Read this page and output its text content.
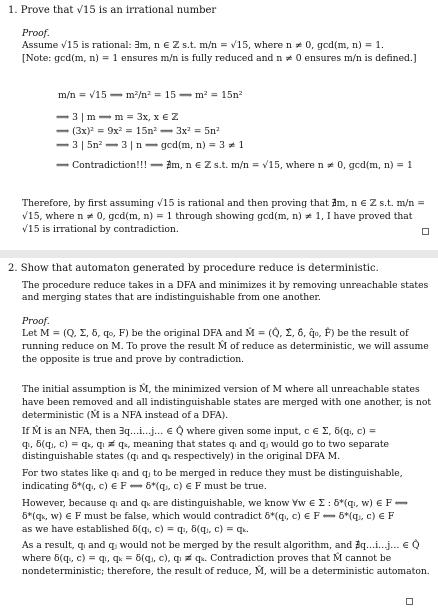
1. Prove that √15 is an irrational number
Proof.
Assume √15 is rational: ∃m, n ∈ ℤ s.t. m/n = √15, where n ≠ 0, gcd(m, n) = 1.
[Note: gcd(m, n) = 1 ensures m/n is fully reduced and n ≠ 0 ensures m/n is defined.]
m/n = √15 ⟹ m²/n² = 15 ⟹ m² = 15n²
⟹ 3 | m ⟹ m = 3x, x ∈ ℤ
⟹ (3x)² = 9x² = 15n² ⟹ 3x² = 5n²
⟹ 3 | 5n² ⟹ 3 | n ⟹ gcd(m, n) = 3 ≠ 1
⟹ Contradiction!!! ⟹ ∄m, n ∈ ℤ s.t. m/n = √15, where n ≠ 0, gcd(m, n) = 1
Therefore, by first assuming √15 is rational and then proving that ∄m, n ∈ ℤ s.t. m/n =
√15, where n ≠ 0, gcd(m, n) = 1 through showing gcd(m, n) ≠ 1, I have proved that
√15 is irrational by contradiction.
2. Show that automaton generated by procedure reduce is deterministic.
The procedure reduce takes in a DFA and minimizes it by removing unreachable states
and merging states that are indistinguishable from one another.
Proof.
Let M = (Q, Σ, δ, q₀, F) be the original DFA and M̂ = (Q̂, Σ̂, δ̂, q̂₀, F̂) be the result of
running reduce on M. To prove the result M̂ of reduce as deterministic, we will assume
the opposite is true and prove by contradiction.
The initial assumption is M̂, the minimized version of M where all unreachable states
have been removed and all indistinguishable states are merged with one another, is not
deterministic (M̂ is a NFA instead of a DFA).
If M̂ is an NFA, then ∃q…i…j… ∈ Q̂ where given some input, c ∈ Σ, δ(qᵢ, c) =
qₗ, δ(qⱼ, c) = qₖ, qₗ ≢ qₖ, meaning that states qᵢ and qⱼ would go to two separate
distinguishable states (qₗ and qₖ respectively) in the original DFA M.
For two states like qᵢ and qⱼ to be merged in reduce they must be distinguishable,
indicating δ*(qᵢ, c) ∈ F ⟺ δ*(qⱼ, c) ∈ F must be true.
However, because qₗ and qₖ are distinguishable, we know ∀w ∈ Σ : δ*(qₗ, w) ∈ F ⟺
δ*(qₖ, w) ∈ F must be false, which would contradict δ*(qᵢ, c) ∈ F ⟺ δ*(qⱼ, c) ∈ F
as we have established δ(qᵢ, c) = qₗ, δ(qⱼ, c) = qₖ.
As a result, qᵢ and qⱼ would not be merged by the result algorithm, and ∄q…i…j… ∈ Q̂
where δ(qᵢ, c) = qₗ, qₖ = δ(qⱼ, c), qₗ ≢ qₖ. Contradiction proves that M̂ cannot be
nondeterministic; therefore, the result of reduce, M̂, will be a deterministic automaton.
